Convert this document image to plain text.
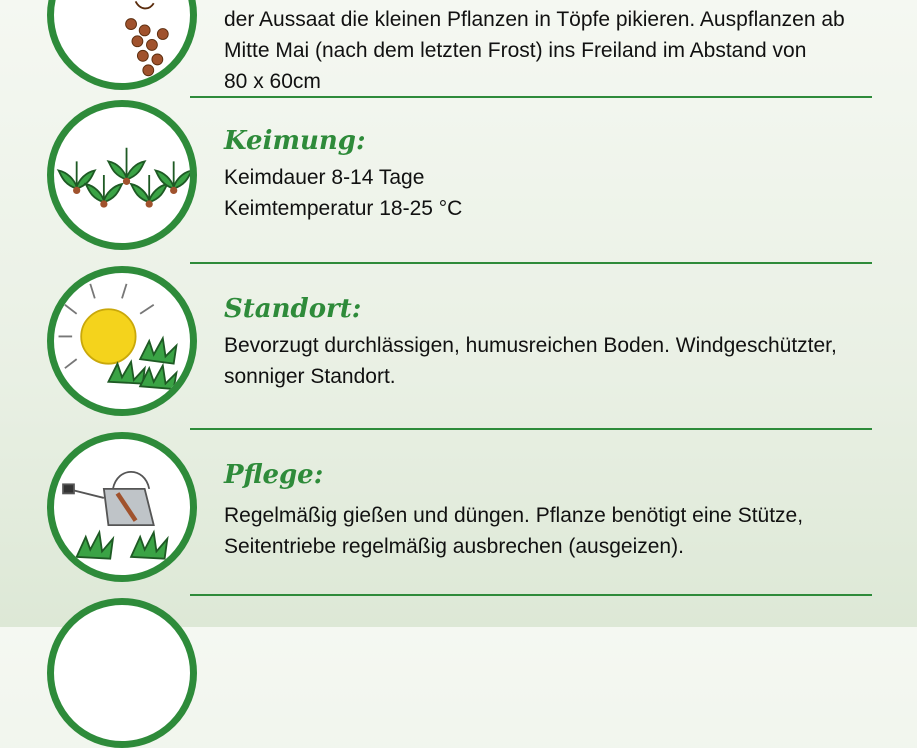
der Aussaat die kleinen Pflanzen in Töpfe pikieren. Auspflanzen ab
Mitte Mai (nach dem letzten Frost) ins Freiland im Abstand von
80 x 60cm
Keimung:
Keimdauer 8-14 Tage
Keimtemperatur 18-25 °C
Standort:
Bevorzugt durchlässigen, humusreichen Boden. Windgeschützter,
sonniger Standort.
Pflege:
Regelmäßig gießen und düngen. Pflanze benötigt eine Stütze,
Seitentriebe regelmäßig ausbrechen (ausgeizen).
